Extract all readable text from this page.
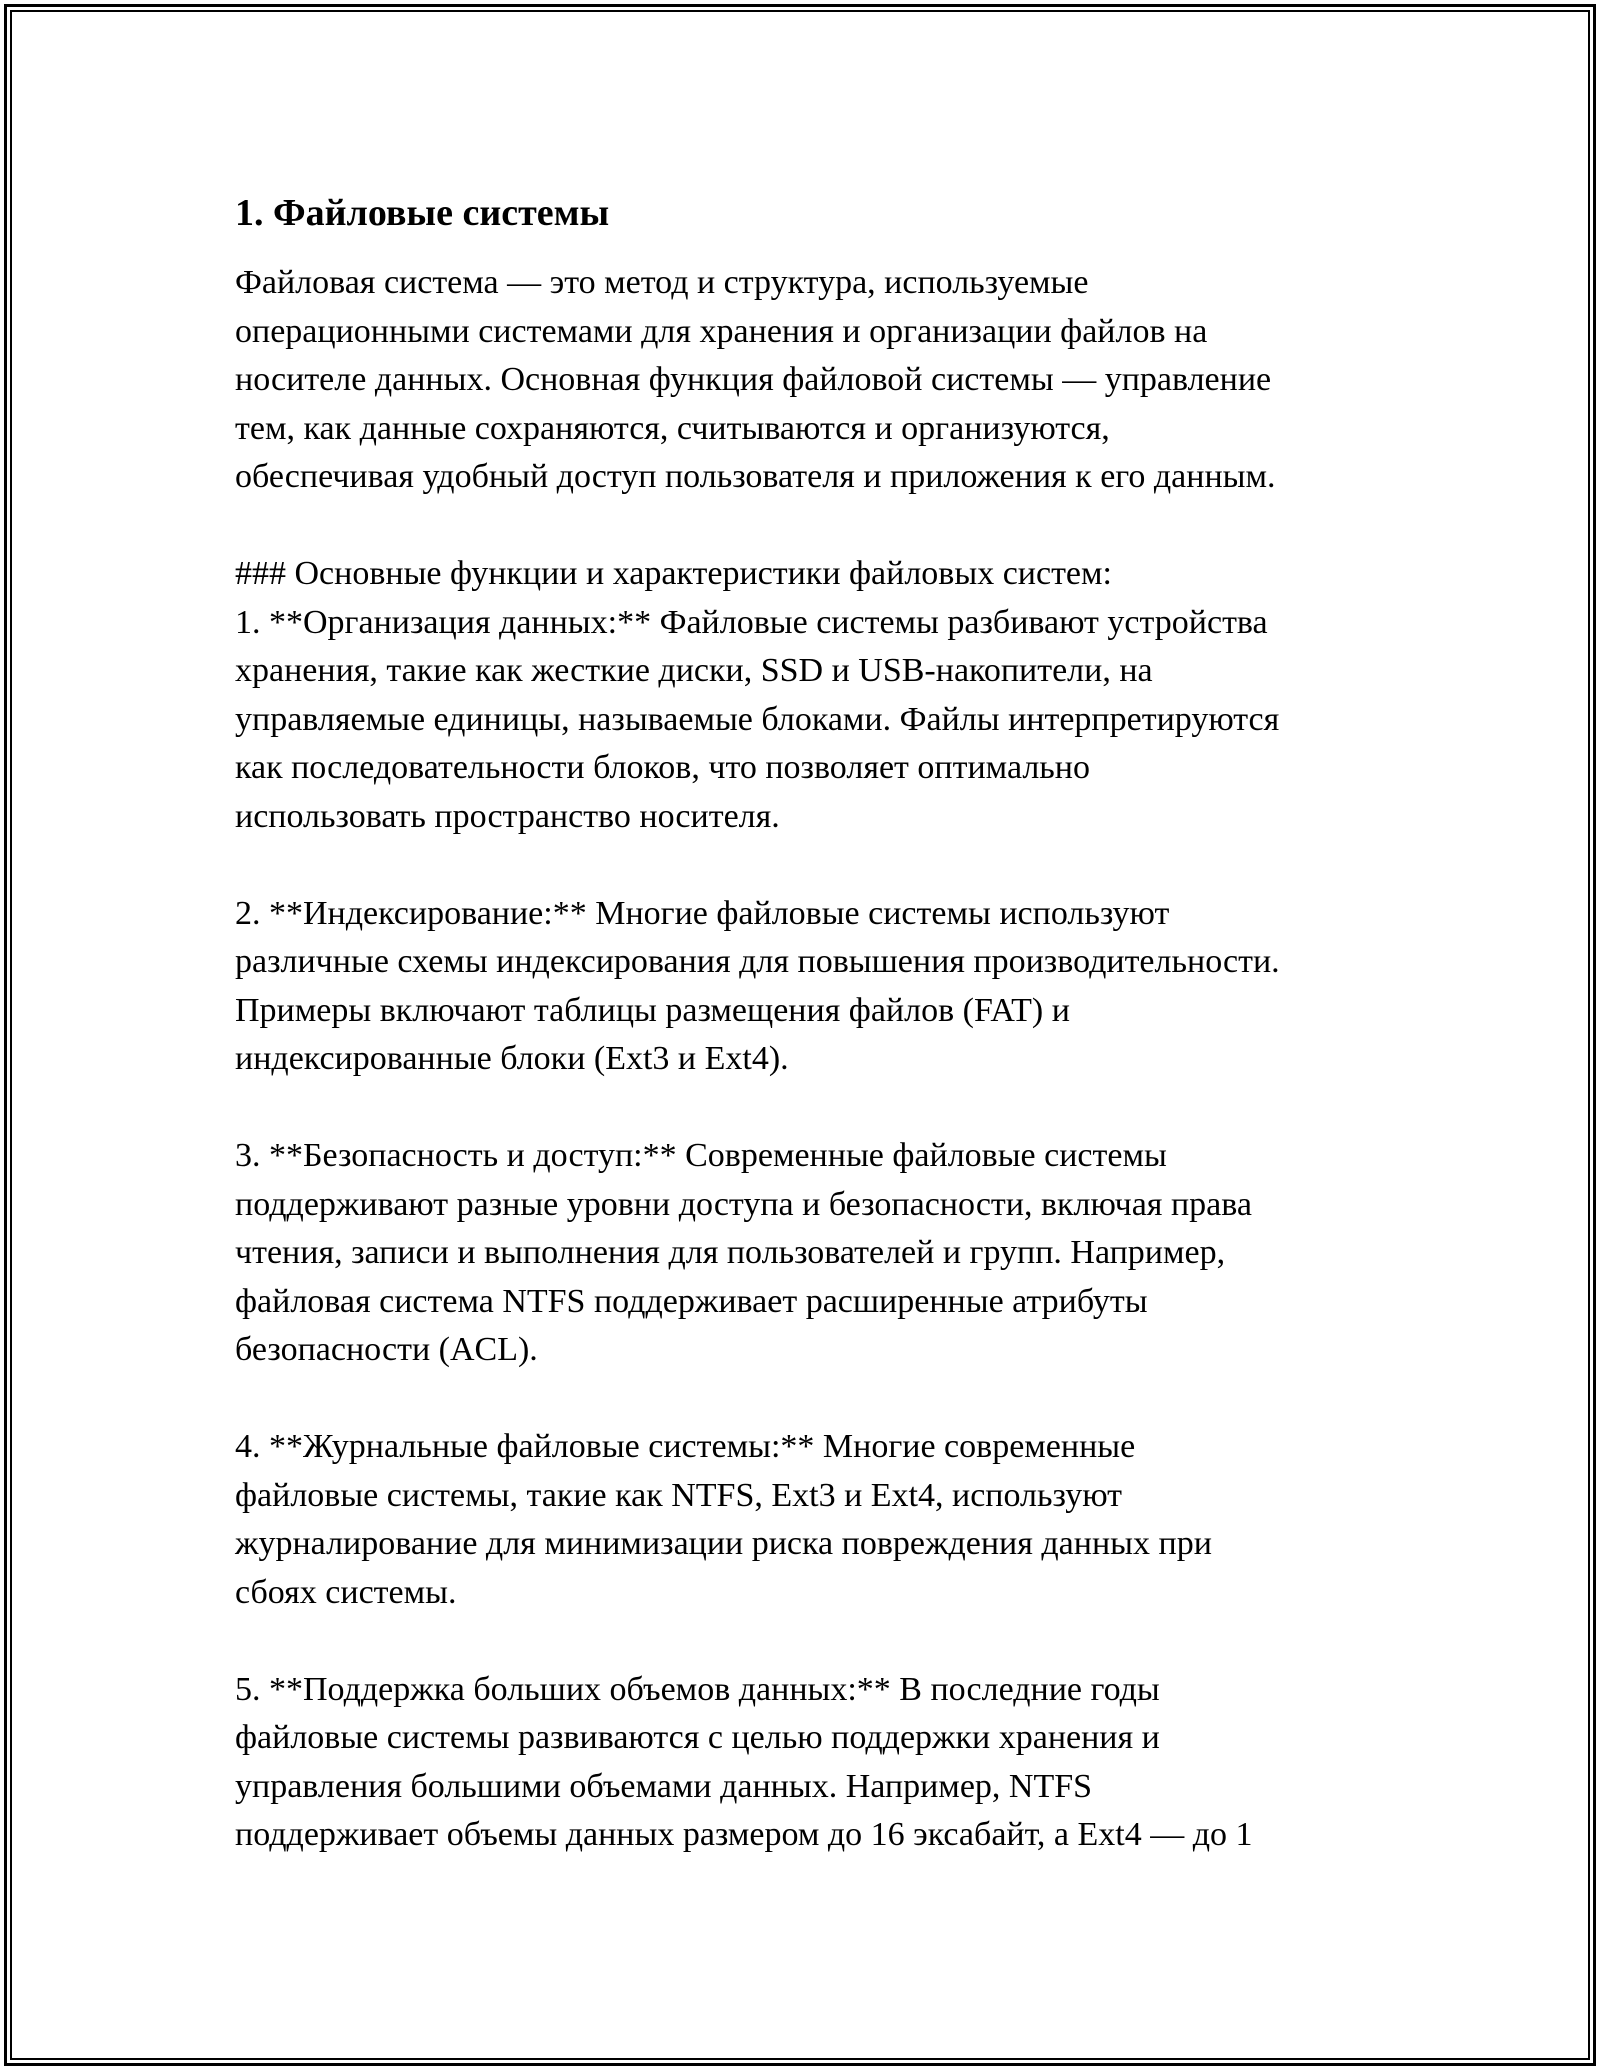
1. Файловые системы

Файловая система — это метод и структура, используемые
операционными системами для хранения и организации файлов на
носителе данных. Основная функция файловой системы — управление
тем, как данные сохраняются, считываются и организуются,
обеспечивая удобный доступ пользователя и приложения к его данным.

### Основные функции и характеристики файловых систем:

1. **Организация данных:** Файловые системы разбивают устройства
хранения, такие как жесткие диски, SSD и USB-накопители, на
управляемые единицы, называемые блоками. Файлы интерпретируются
как последовательности блоков, что позволяет оптимально
использовать пространство носителя.

2. **Индексирование:** Многие файловые системы используют
различные схемы индексирования для повышения производительности.
Примеры включают таблицы размещения файлов (FAT) и
индексированные блоки (Ext3 и Ext4).

3. **Безопасность и доступ:** Современные файловые системы
поддерживают разные уровни доступа и безопасности, включая права
чтения, записи и выполнения для пользователей и групп. Например,
файловая система NTFS поддерживает расширенные атрибуты
безопасности (ACL).

4. **Журнальные файловые системы:** Многие современные
файловые системы, такие как NTFS, Ext3 и Ext4, используют
журналирование для минимизации риска повреждения данных при
сбоях системы.

5. **Поддержка больших объемов данных:** В последние годы
файловые системы развиваются с целью поддержки хранения и
управления большими объемами данных. Например, NTFS
поддерживает объемы данных размером до 16 эксабайт, а Ext4 — до 1
